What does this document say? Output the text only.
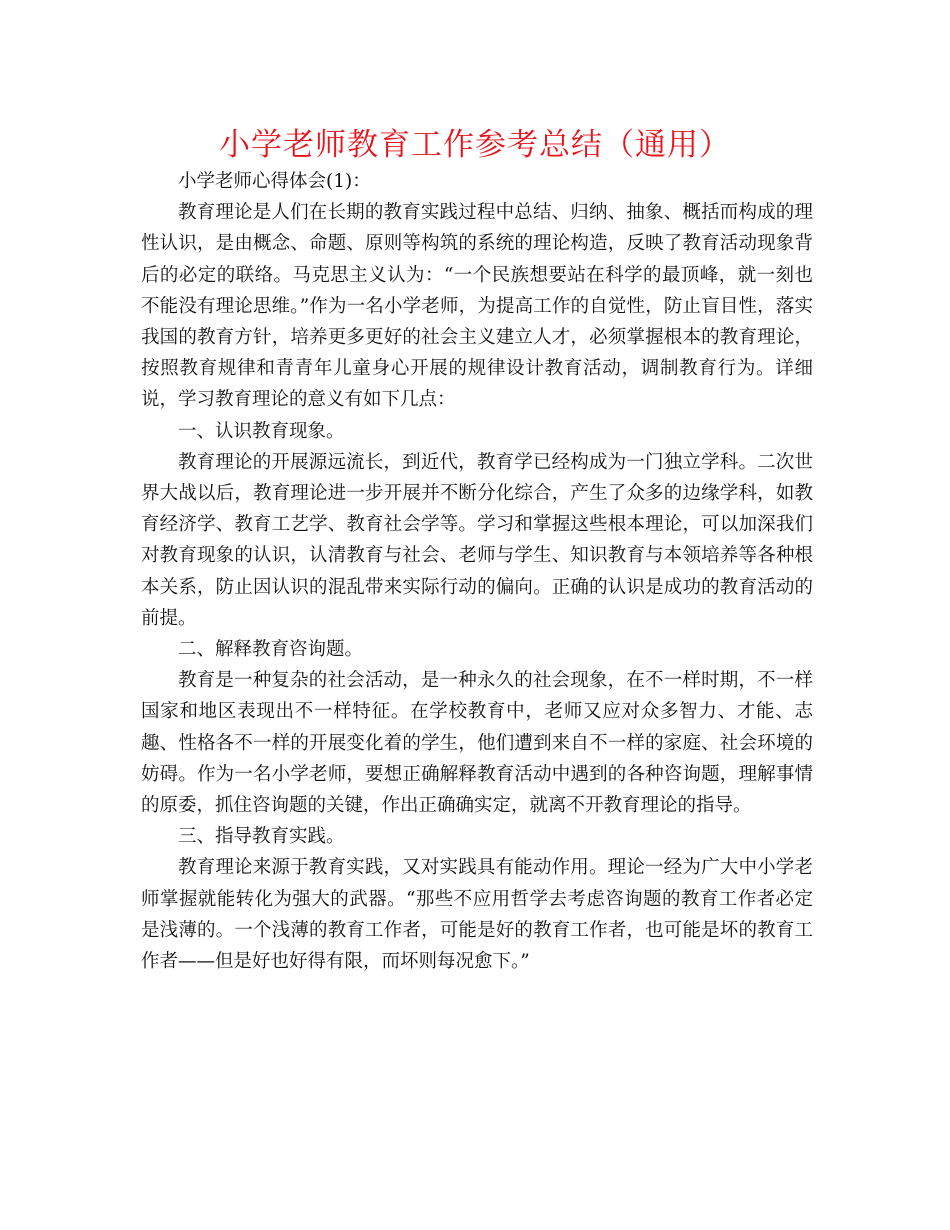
小学老师教育工作参考总结（通用）

小学老师心得体会(1)：

教育理论是人们在长期的教育实践过程中总结、归纳、抽象、概括而构成的理性认识，是由概念、命题、原则等构筑的系统的理论构造，反映了教育活动现象背后的必定的联络。马克思主义认为：“一个民族想要站在科学的最顶峰，就一刻也不能没有理论思维。”作为一名小学老师，为提高工作的自觉性，防止盲目性，落实我国的教育方针，培养更多更好的社会主义建立人才，必须掌握根本的教育理论，按照教育规律和青青年儿童身心开展的规律设计教育活动，调制教育行为。详细说，学习教育理论的意义有如下几点：

一、认识教育现象。

教育理论的开展源远流长，到近代，教育学已经构成为一门独立学科。二次世界大战以后，教育理论进一步开展并不断分化综合，产生了众多的边缘学科，如教育经济学、教育工艺学、教育社会学等。学习和掌握这些根本理论，可以加深我们对教育现象的认识，认清教育与社会、老师与学生、知识教育与本领培养等各种根本关系，防止因认识的混乱带来实际行动的偏向。正确的认识是成功的教育活动的前提。

二、解释教育咨询题。

教育是一种复杂的社会活动，是一种永久的社会现象，在不一样时期，不一样国家和地区表现出不一样特征。在学校教育中，老师又应对众多智力、才能、志趣、性格各不一样的开展变化着的学生，他们遭到来自不一样的家庭、社会环境的妨碍。作为一名小学老师，要想正确解释教育活动中遇到的各种咨询题，理解事情的原委，抓住咨询题的关键，作出正确确实定，就离不开教育理论的指导。

三、指导教育实践。

教育理论来源于教育实践，又对实践具有能动作用。理论一经为广大中小学老师掌握就能转化为强大的武器。“那些不应用哲学去考虑咨询题的教育工作者必定是浅薄的。一个浅薄的教育工作者，可能是好的教育工作者，也可能是坏的教育工作者——但是好也好得有限，而坏则每况愈下。”
